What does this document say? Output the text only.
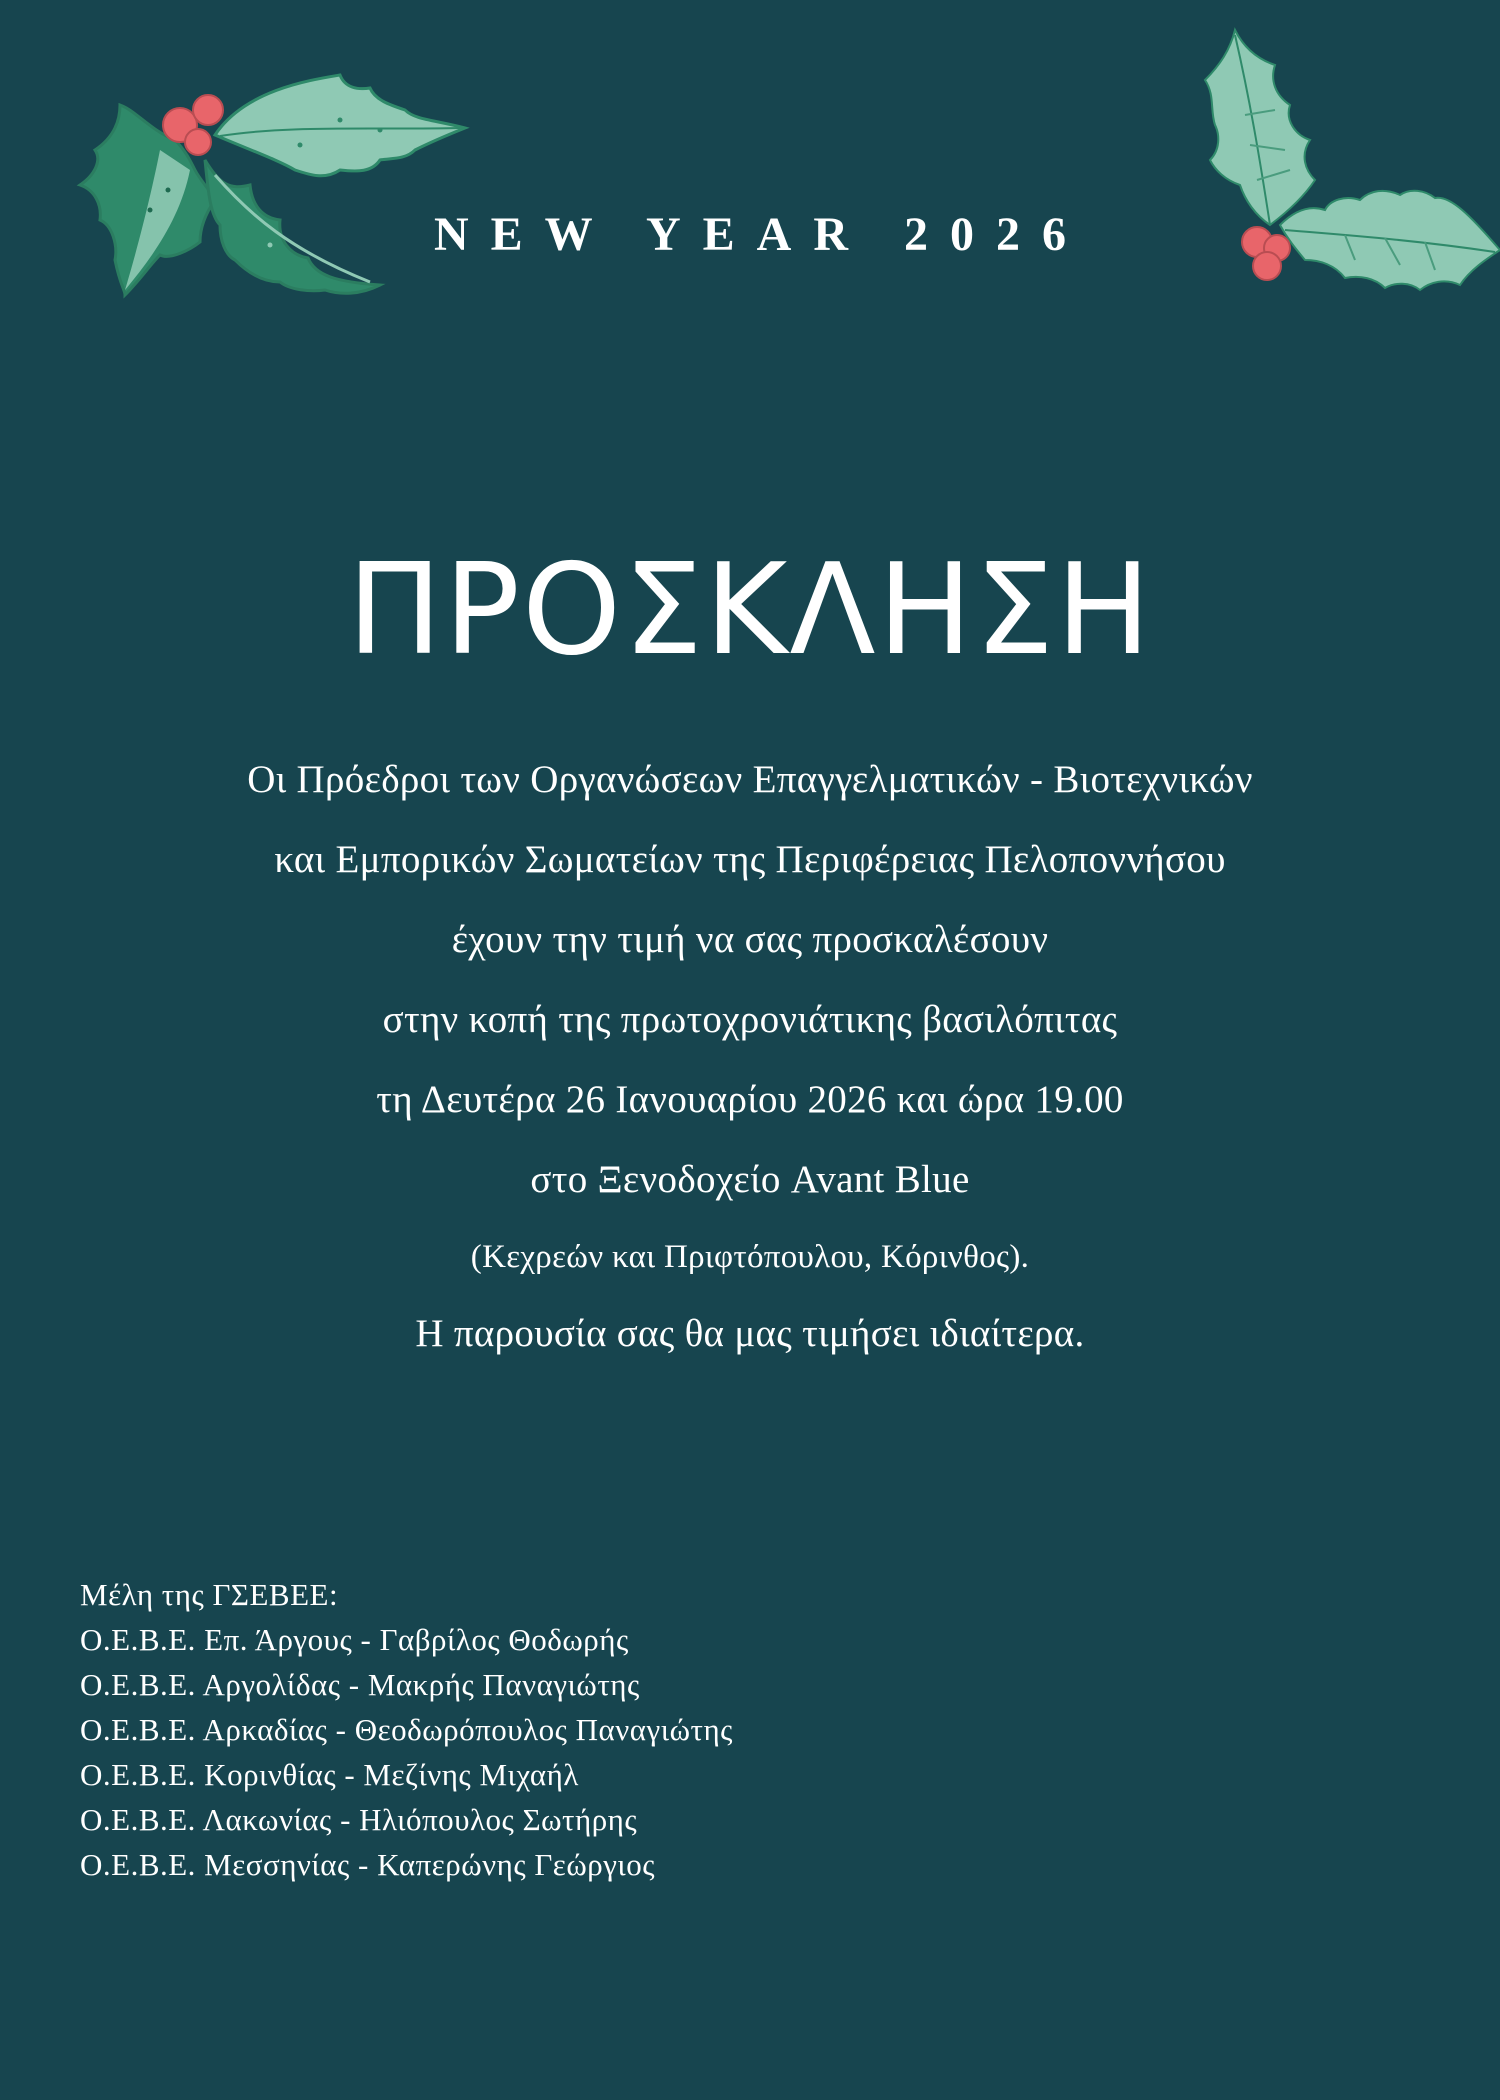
NEW YEAR 2026
ΠΡΟΣΚΛΗΣΗ
Οι Πρόεδροι των Οργανώσεων Επαγγελματικών - Βιοτεχνικών
και Εμπορικών Σωματείων της Περιφέρειας Πελοποννήσου
έχουν την τιμή να σας προσκαλέσουν
στην κοπή της πρωτοχρονιάτικης βασιλόπιτας
τη Δευτέρα 26 Ιανουαρίου 2026 και ώρα 19.00
στο Ξενοδοχείο Avant Blue
(Κεχρεών και Πριφτόπουλου, Κόρινθος).
Η παρουσία σας θα μας τιμήσει ιδιαίτερα.
Μέλη της ΓΣΕΒΕΕ:
Ο.Ε.Β.Ε. Επ. Άργους - Γαβρίλος Θοδωρής
Ο.Ε.Β.Ε. Αργολίδας - Μακρής Παναγιώτης
Ο.Ε.Β.Ε. Αρκαδίας - Θεοδωρόπουλος Παναγιώτης
Ο.Ε.Β.Ε. Κορινθίας - Μεζίνης Μιχαήλ
Ο.Ε.Β.Ε. Λακωνίας - Ηλιόπουλος Σωτήρης
Ο.Ε.Β.Ε. Μεσσηνίας - Καπερώνης Γεώργιος
